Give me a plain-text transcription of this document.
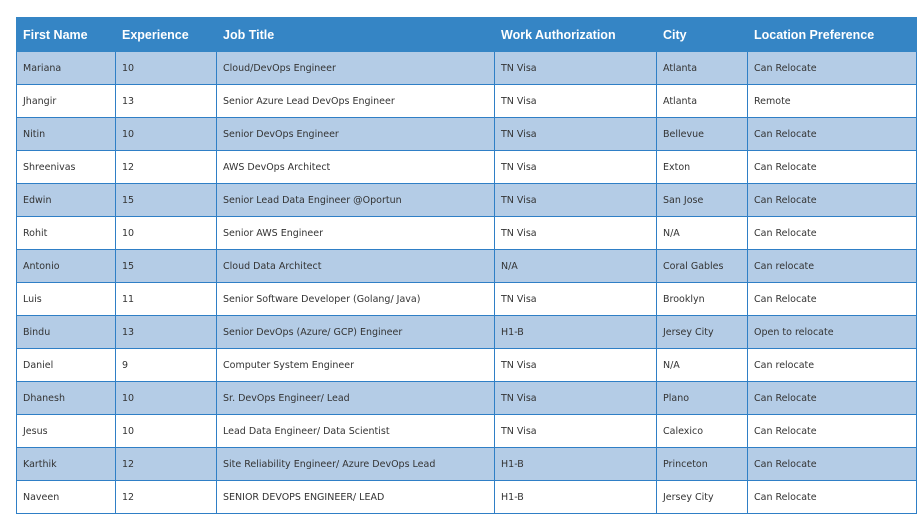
First Name	Experience	Job Title	Work Authorization	City	Location Preference
Mariana	10	Cloud/DevOps Engineer	TN Visa	Atlanta	Can Relocate
Jhangir	13	Senior Azure Lead DevOps Engineer	TN Visa	Atlanta	Remote
Nitin	10	Senior DevOps Engineer	TN Visa	Bellevue	Can Relocate
Shreenivas	12	AWS DevOps Architect	TN Visa	Exton	Can Relocate
Edwin	15	Senior Lead Data Engineer @Oportun	TN Visa	San Jose	Can Relocate
Rohit	10	Senior AWS Engineer	TN Visa	N/A	Can Relocate
Antonio	15	Cloud Data Architect	N/A	Coral Gables	Can relocate
Luis	11	Senior Software Developer (Golang/ Java)	TN Visa	Brooklyn	Can Relocate
Bindu	13	Senior DevOps (Azure/ GCP) Engineer	H1-B	Jersey City	Open to relocate
Daniel	9	Computer System Engineer	TN Visa	N/A	Can relocate
Dhanesh	10	Sr. DevOps Engineer/ Lead	TN Visa	Plano	Can Relocate
Jesus	10	Lead Data Engineer/ Data Scientist	TN Visa	Calexico	Can Relocate
Karthik	12	Site Reliability Engineer/ Azure DevOps Lead	H1-B	Princeton	Can Relocate
Naveen	12	SENIOR DEVOPS ENGINEER/ LEAD	H1-B	Jersey City	Can Relocate
